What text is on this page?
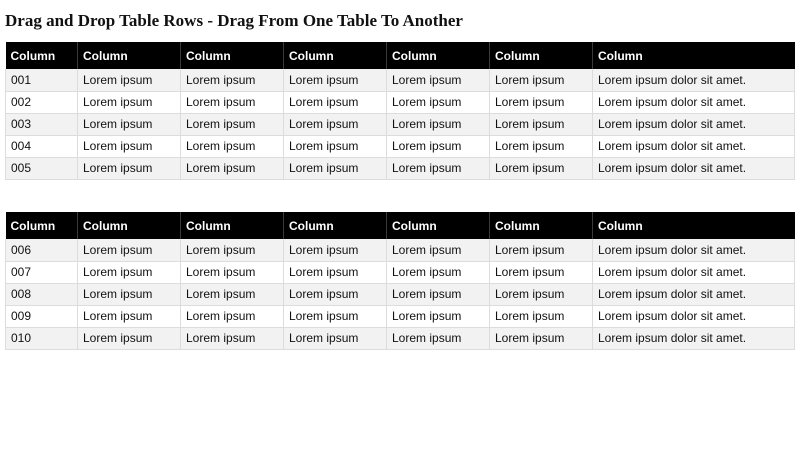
Drag and Drop Table Rows - Drag From One Table To Another
Column	Column	Column	Column	Column	Column	Column
001	Lorem ipsum	Lorem ipsum	Lorem ipsum	Lorem ipsum	Lorem ipsum	Lorem ipsum dolor sit amet.
002	Lorem ipsum	Lorem ipsum	Lorem ipsum	Lorem ipsum	Lorem ipsum	Lorem ipsum dolor sit amet.
003	Lorem ipsum	Lorem ipsum	Lorem ipsum	Lorem ipsum	Lorem ipsum	Lorem ipsum dolor sit amet.
004	Lorem ipsum	Lorem ipsum	Lorem ipsum	Lorem ipsum	Lorem ipsum	Lorem ipsum dolor sit amet.
005	Lorem ipsum	Lorem ipsum	Lorem ipsum	Lorem ipsum	Lorem ipsum	Lorem ipsum dolor sit amet.
Column	Column	Column	Column	Column	Column	Column
006	Lorem ipsum	Lorem ipsum	Lorem ipsum	Lorem ipsum	Lorem ipsum	Lorem ipsum dolor sit amet.
007	Lorem ipsum	Lorem ipsum	Lorem ipsum	Lorem ipsum	Lorem ipsum	Lorem ipsum dolor sit amet.
008	Lorem ipsum	Lorem ipsum	Lorem ipsum	Lorem ipsum	Lorem ipsum	Lorem ipsum dolor sit amet.
009	Lorem ipsum	Lorem ipsum	Lorem ipsum	Lorem ipsum	Lorem ipsum	Lorem ipsum dolor sit amet.
010	Lorem ipsum	Lorem ipsum	Lorem ipsum	Lorem ipsum	Lorem ipsum	Lorem ipsum dolor sit amet.
